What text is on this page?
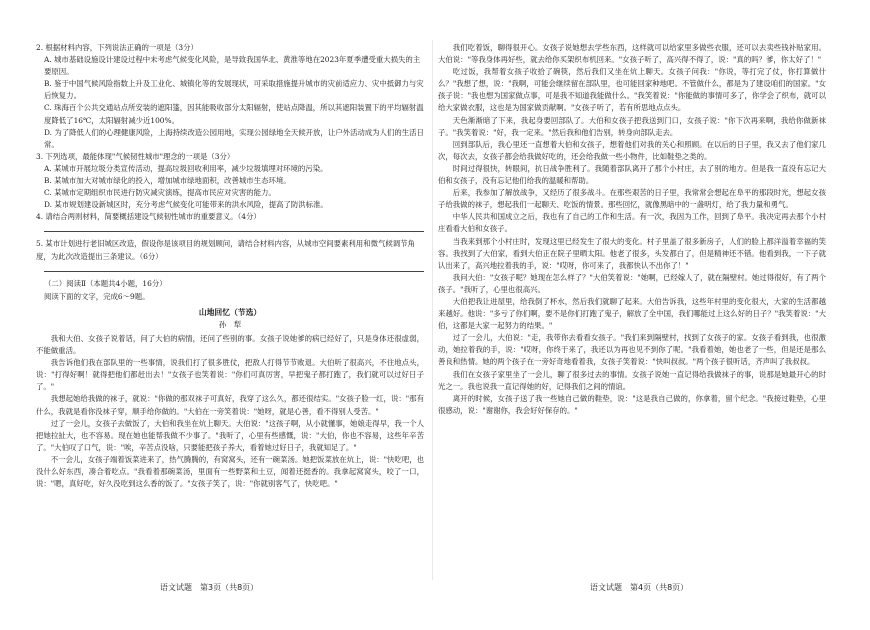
2. 根据材料内容，下列说法正确的一项是（3分）

A. 城市基础设施设计建设过程中未考虑气候变化风险，是导致我国华北、黄淮等地在2023年夏季遭受重大损失的主要原因。

B. 鉴于中国气候风险指数上升及工业化、城镇化等的发展现状，可采取措施提升城市的灾前适应力、灾中抵御力与灾后恢复力。

C. 珠海百个公共交通站点所安装的遮阳篷，因其能吸收部分太阳辐射，使站点降温，所以其遮阳装置下的平均辐射温度降低了16℃，太阳辐射减少近100%。

D. 为了降低人们的心理健康风险，上海持续改造公园用地，实现公园绿地全天候开放，让户外活动成为人们的生活日常。

3. 下列选项，最能体现"气候韧性城市"理念的一项是（3分）

A. 某城市开展垃圾分类宣传活动，提高垃圾回收利用率，减少垃圾填埋对环境的污染。

B. 某城市加大对城市绿化的投入，增加城市绿地面积，改善城市生态环境。

C. 某城市定期组织市民进行防灾减灾演练，提高市民应对灾害的能力。

D. 某市规划建设新城区时，充分考虑气候变化可能带来的洪水风险，提高了防洪标准。

4. 请结合两则材料，简要概括建设气候韧性城市的重要意义。（4分）

5. 某市计划进行老旧城区改造，假设你是该项目的规划顾问，请结合材料内容，从城市空间要素利用和微气候调节角度，为此次改造提出三条建议。（6分）

（二）阅读Ⅱ（本题共4小题，16分）

阅读下面的文字，完成6～9题。

山地回忆（节选）

孙　犁

我和大伯、女孩子说着话，问了大伯的病情，还问了些别的事。女孩子说她爹的病已经好了，只是身体还很虚弱，不能做重活。

我告诉他们我在部队里的一些事情，说我们打了很多胜仗，把敌人打得节节败退。大伯听了很高兴，不住地点头，说："打得好啊！就得把他们都赶出去！"女孩子也笑着说："你们可真厉害，早把鬼子都打跑了，我们就可以过好日子了。"

我想起她给我做的袜子，就说："你做的那双袜子可真好，我穿了这么久，都还很结实。"女孩子脸一红，说："那有什么，我就是看你没袜子穿，顺手给你做的。"大伯在一旁笑着说："她呀，就是心善，看不得别人受苦。"

过了一会儿，女孩子去做饭了，大伯和我坐在炕上聊天。大伯说："这孩子啊，从小就懂事，她娘走得早，我一个人把她拉扯大，也不容易。现在她也能帮我做不少事了。"我听了，心里有些感慨，说："大伯，你也不容易，这些年辛苦了。"大伯叹了口气，说："唉，辛苦点没啥，只要能把孩子养大，看着她过好日子，我就知足了。"

不一会儿，女孩子端着饭菜进来了，热气腾腾的，有窝窝头，还有一碗菜汤。她把饭菜放在炕上，说："快吃吧，也没什么好东西，凑合着吃点。"我看着那碗菜汤，里面有一些野菜和土豆，闻着还挺香的。我拿起窝窝头，咬了一口，说："嗯，真好吃，好久没吃到这么香的饭了。"女孩子笑了，说："你就别客气了，快吃吧。"

我们吃着饭，聊得很开心。女孩子说她想去学些东西，这样就可以给家里多做些衣服，还可以去卖些钱补贴家用。大伯说："等我身体再好些，就去给你买架织布机回来。"女孩子听了，高兴得不得了，说："真的吗？爹，你太好了！"

吃过饭，我帮着女孩子收拾了碗筷，然后我们又坐在炕上聊天。女孩子问我："你说，等打完了仗，你打算做什么？"我想了想，说："我啊，可能会继续留在部队里，也可能回家种地吧。不管做什么，都是为了建设咱们的国家。"女孩子说："我也想为国家做点事，可是我不知道我能做什么。"我笑着说："你能做的事情可多了，你学会了织布，就可以给大家做衣服，这也是为国家做贡献啊。"女孩子听了，若有所思地点点头。

天色渐渐暗了下来，我起身要回部队了。大伯和女孩子把我送到门口，女孩子说："你下次再来啊，我给你做新袜子。"我笑着说："好，我一定来。"然后我和他们告别，转身向部队走去。

回到部队后，我心里还一直想着大伯和女孩子，想着他们对我的关心和照顾。在以后的日子里，我又去了他们家几次，每次去，女孩子都会给我做好吃的，还会给我做一些小物件，比如鞋垫之类的。

时间过得很快，转眼间，抗日战争胜利了。我随着部队离开了那个小村庄，去了别的地方。但是我一直没有忘记大伯和女孩子，没有忘记他们给我的温暖和帮助。

后来，我参加了解放战争，又经历了很多战斗。在那些艰苦的日子里，我常常会想起在阜平的那段时光，想起女孩子给我做的袜子，想起我们一起聊天、吃饭的情景。那些回忆，就像黑暗中的一盏明灯，给了我力量和勇气。

中华人民共和国成立之后，我也有了自己的工作和生活。有一次，我因为工作，回到了阜平。我决定再去那个小村庄看看大伯和女孩子。

当我来到那个小村庄时，发现这里已经发生了很大的变化。村子里盖了很多新房子，人们的脸上都洋溢着幸福的笑容。我找到了大伯家，看到大伯正在院子里晒太阳。他老了很多，头发都白了，但是精神还不错。他看到我，一下子就认出来了，高兴地拉着我的手，说："哎呀，你可来了，我都快认不出你了！"

我问大伯："女孩子呢？她现在怎么样了？"大伯笑着说："她啊，已经嫁人了，就在隔壁村。她过得很好，有了两个孩子。"我听了，心里也很高兴。

大伯把我让进屋里，给我倒了杯水，然后我们就聊了起来。大伯告诉我，这些年村里的变化很大，大家的生活都越来越好。他说："多亏了你们啊，要不是你们打跑了鬼子，解放了全中国，我们哪能过上这么好的日子？"我笑着说："大伯，这都是大家一起努力的结果。"

过了一会儿，大伯说："走，我带你去看看女孩子。"我们来到隔壁村，找到了女孩子的家。女孩子看到我，也很激动，她拉着我的手，说："哎呀，你终于来了，我还以为再也见不到你了呢。"我看着她，她也老了一些，但是还是那么善良和热情。她的两个孩子在一旁好奇地看着我，女孩子笑着说："快叫叔叔。"两个孩子很听话，齐声叫了我叔叔。

我们在女孩子家里坐了一会儿，聊了很多过去的事情。女孩子说她一直记得给我做袜子的事，说那是她最开心的时光之一。我也说我一直记得她的好，记得我们之间的情谊。

离开的时候，女孩子送了我一些她自己做的鞋垫，说："这是我自己做的，你拿着，留个纪念。"我接过鞋垫，心里很感动，说："谢谢你，我会好好保存的。"

语文试题　第3页（共8页）	语文试题　第4页（共8页）
